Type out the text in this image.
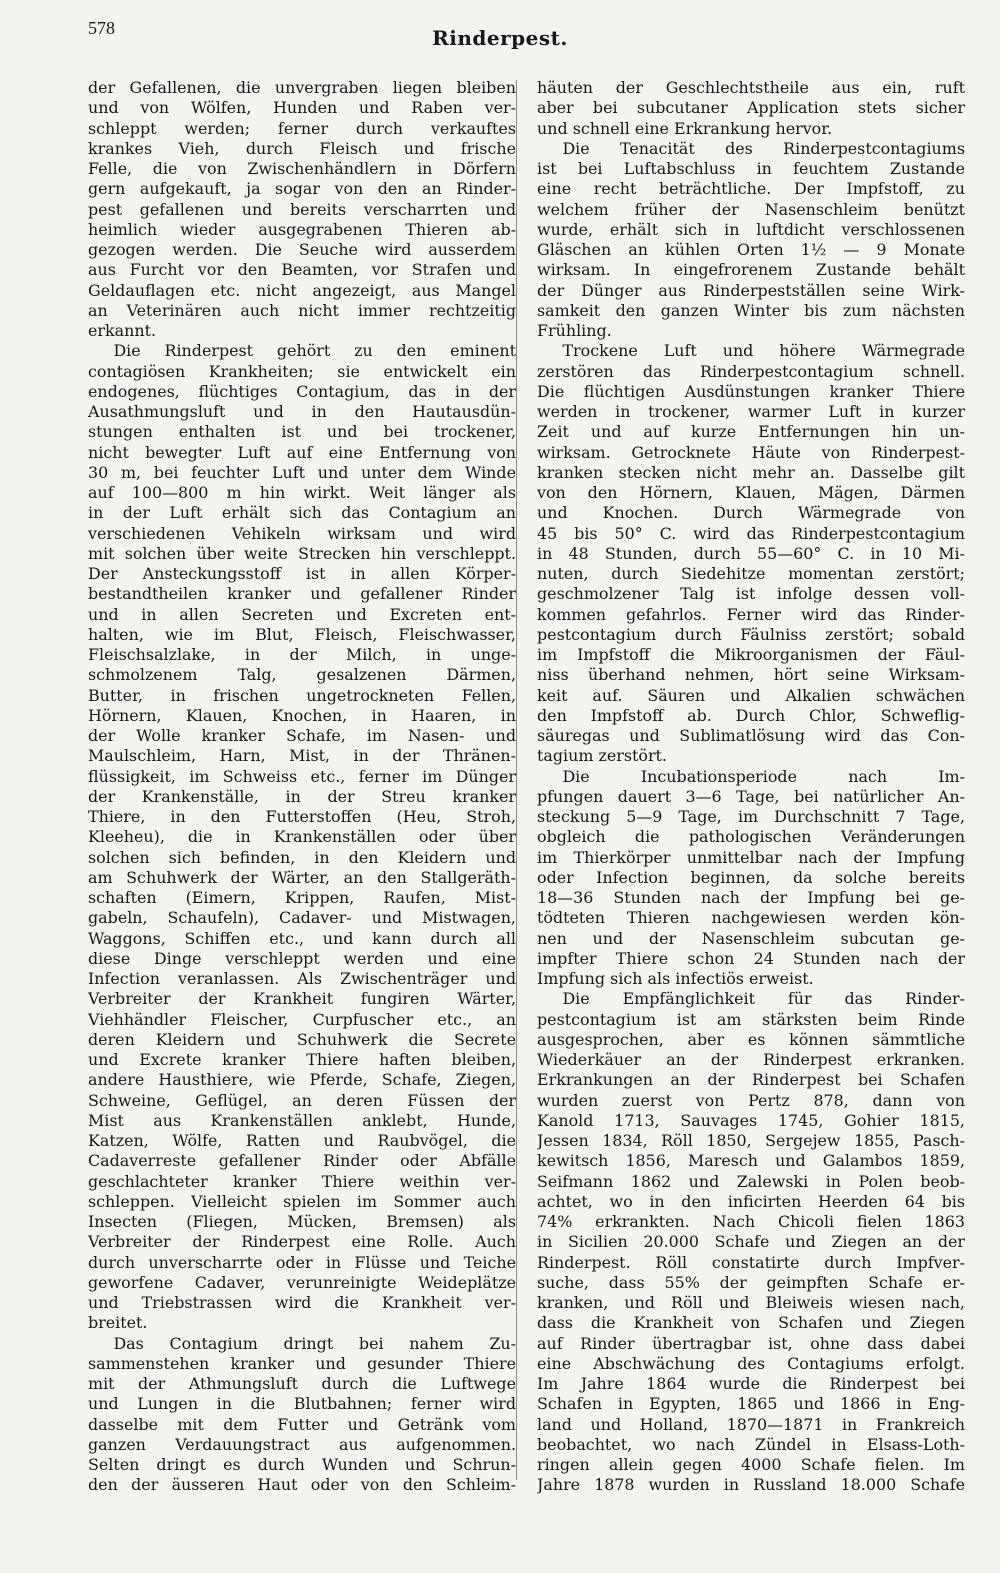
578	Rinderpest.
der Gefallenen, die unvergraben liegen bleiben
und von Wölfen, Hunden und Raben ver-
schleppt werden; ferner durch verkauftes
krankes Vieh, durch Fleisch und frische
Felle, die von Zwischenhändlern in Dörfern
gern aufgekauft, ja sogar von den an Rinder-
pest gefallenen und bereits verscharrten und
heimlich wieder ausgegrabenen Thieren ab-
gezogen werden. Die Seuche wird ausserdem
aus Furcht vor den Beamten, vor Strafen und
Geldauflagen etc. nicht angezeigt, aus Mangel
an Veterinären auch nicht immer rechtzeitig
erkannt.
Die Rinderpest gehört zu den eminent
contagiösen Krankheiten; sie entwickelt ein
endogenes, flüchtiges Contagium, das in der
Ausathmungsluft und in den Hautausdün-
stungen enthalten ist und bei trockener,
nicht bewegter Luft auf eine Entfernung von
30 m, bei feuchter Luft und unter dem Winde
auf 100—800 m hin wirkt. Weit länger als
in der Luft erhält sich das Contagium an
verschiedenen Vehikeln wirksam und wird
mit solchen über weite Strecken hin verschleppt.
Der Ansteckungsstoff ist in allen Körper-
bestandtheilen kranker und gefallener Rinder
und in allen Secreten und Excreten ent-
halten, wie im Blut, Fleisch, Fleischwasser,
Fleischsalzlake, in der Milch, in unge-
schmolzenem Talg, gesalzenen Därmen,
Butter, in frischen ungetrockneten Fellen,
Hörnern, Klauen, Knochen, in Haaren, in
der Wolle kranker Schafe, im Nasen- und
Maulschleim, Harn, Mist, in der Thränen-
flüssigkeit, im Schweiss etc., ferner im Dünger
der Krankenställe, in der Streu kranker
Thiere, in den Futterstoffen (Heu, Stroh,
Kleeheu), die in Krankenställen oder über
solchen sich befinden, in den Kleidern und
am Schuhwerk der Wärter, an den Stallgeräth-
schaften (Eimern, Krippen, Raufen, Mist-
gabeln, Schaufeln), Cadaver- und Mistwagen,
Waggons, Schiffen etc., und kann durch all
diese Dinge verschleppt werden und eine
Infection veranlassen. Als Zwischenträger und
Verbreiter der Krankheit fungiren Wärter,
Viehhändler Fleischer, Curpfuscher etc., an
deren Kleidern und Schuhwerk die Secrete
und Excrete kranker Thiere haften bleiben,
andere Hausthiere, wie Pferde, Schafe, Ziegen,
Schweine, Geflügel, an deren Füssen der
Mist aus Krankenställen anklebt, Hunde,
Katzen, Wölfe, Ratten und Raubvögel, die
Cadaverreste gefallener Rinder oder Abfälle
geschlachteter kranker Thiere weithin ver-
schleppen. Vielleicht spielen im Sommer auch
Insecten (Fliegen, Mücken, Bremsen) als
Verbreiter der Rinderpest eine Rolle. Auch
durch unverscharrte oder in Flüsse und Teiche
geworfene Cadaver, verunreinigte Weideplätze
und Triebstrassen wird die Krankheit ver-
breitet.
Das Contagium dringt bei nahem Zu-
sammenstehen kranker und gesunder Thiere
mit der Athmungsluft durch die Luftwege
und Lungen in die Blutbahnen; ferner wird
dasselbe mit dem Futter und Getränk vom
ganzen Verdauungstract aus aufgenommen.
Selten dringt es durch Wunden und Schrun-
den der äusseren Haut oder von den Schleim-
häuten der Geschlechtstheile aus ein, ruft
aber bei subcutaner Application stets sicher
und schnell eine Erkrankung hervor.
Die Tenacität des Rinderpestcontagiums
ist bei Luftabschluss in feuchtem Zustande
eine recht beträchtliche. Der Impfstoff, zu
welchem früher der Nasenschleim benützt
wurde, erhält sich in luftdicht verschlossenen
Gläschen an kühlen Orten 1½ — 9 Monate
wirksam. In eingefrorenem Zustande behält
der Dünger aus Rinderpestställen seine Wirk-
samkeit den ganzen Winter bis zum nächsten
Frühling.
Trockene Luft und höhere Wärmegrade
zerstören das Rinderpestcontagium schnell.
Die flüchtigen Ausdünstungen kranker Thiere
werden in trockener, warmer Luft in kurzer
Zeit und auf kurze Entfernungen hin un-
wirksam. Getrocknete Häute von Rinderpest-
kranken stecken nicht mehr an. Dasselbe gilt
von den Hörnern, Klauen, Mägen, Därmen
und Knochen. Durch Wärmegrade von
45 bis 50° C. wird das Rinderpestcontagium
in 48 Stunden, durch 55—60° C. in 10 Mi-
nuten, durch Siedehitze momentan zerstört;
geschmolzener Talg ist infolge dessen voll-
kommen gefahrlos. Ferner wird das Rinder-
pestcontagium durch Fäulniss zerstört; sobald
im Impfstoff die Mikroorganismen der Fäul-
niss überhand nehmen, hört seine Wirksam-
keit auf. Säuren und Alkalien schwächen
den Impfstoff ab. Durch Chlor, Schweflig-
säuregas und Sublimatlösung wird das Con-
tagium zerstört.
Die Incubationsperiode nach Im-
pfungen dauert 3—6 Tage, bei natürlicher An-
steckung 5—9 Tage, im Durchschnitt 7 Tage,
obgleich die pathologischen Veränderungen
im Thierkörper unmittelbar nach der Impfung
oder Infection beginnen, da solche bereits
18—36 Stunden nach der Impfung bei ge-
tödteten Thieren nachgewiesen werden kön-
nen und der Nasenschleim subcutan ge-
impfter Thiere schon 24 Stunden nach der
Impfung sich als infectiös erweist.
Die Empfänglichkeit für das Rinder-
pestcontagium ist am stärksten beim Rinde
ausgesprochen, aber es können sämmtliche
Wiederkäuer an der Rinderpest erkranken.
Erkrankungen an der Rinderpest bei Schafen
wurden zuerst von Pertz 878, dann von
Kanold 1713, Sauvages 1745, Gohier 1815,
Jessen 1834, Röll 1850, Sergejew 1855, Pasch-
kewitsch 1856, Maresch und Galambos 1859,
Seifmann 1862 und Zalewski in Polen beob-
achtet, wo in den inficirten Heerden 64 bis
74% erkrankten. Nach Chicoli fielen 1863
in Sicilien 20.000 Schafe und Ziegen an der
Rinderpest. Röll constatirte durch Impfver-
suche, dass 55% der geimpften Schafe er-
kranken, und Röll und Bleiweis wiesen nach,
dass die Krankheit von Schafen und Ziegen
auf Rinder übertragbar ist, ohne dass dabei
eine Abschwächung des Contagiums erfolgt.
Im Jahre 1864 wurde die Rinderpest bei
Schafen in Egypten, 1865 und 1866 in Eng-
land und Holland, 1870—1871 in Frankreich
beobachtet, wo nach Zündel in Elsass-Loth-
ringen allein gegen 4000 Schafe fielen. Im
Jahre 1878 wurden in Russland 18.000 Schafe
